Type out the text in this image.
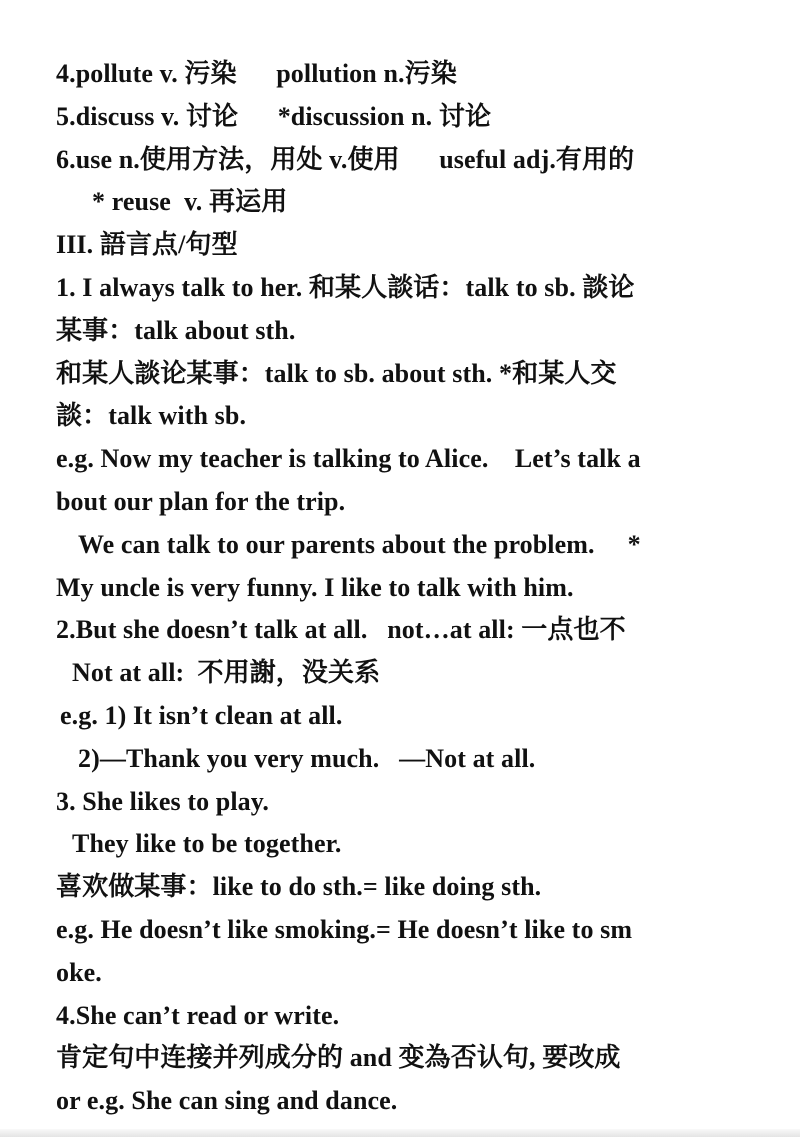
4.pollute v. 污染      pollution n.污染
5.discuss v. 讨论      *discussion n. 讨论
6.use n.使用方法，用处 v.使用      useful adj.有用的
* reuse  v. 再运用
III. 語言点/句型
1. I always talk to her. 和某人談话：talk to sb. 談论
某事：talk about sth.
和某人談论某事：talk to sb. about sth. *和某人交
談：talk with sb.
e.g. Now my teacher is talking to Alice.    Let’s talk a
bout our plan for the trip.
We can talk to our parents about the problem.     *
My uncle is very funny. I like to talk with him.
2.But she doesn’t talk at all.   not…at all: 一点也不
Not at all:  不用謝，没关系
e.g. 1) It isn’t clean at all.
2)—Thank you very much.   —Not at all.
3. She likes to play.
They like to be together.
喜欢做某事：like to do sth.= like doing sth.
e.g. He doesn’t like smoking.= He doesn’t like to sm
oke.
4.She can’t read or write.
肯定句中连接并列成分的 and 变為否认句, 要改成
or e.g. She can sing and dance.
